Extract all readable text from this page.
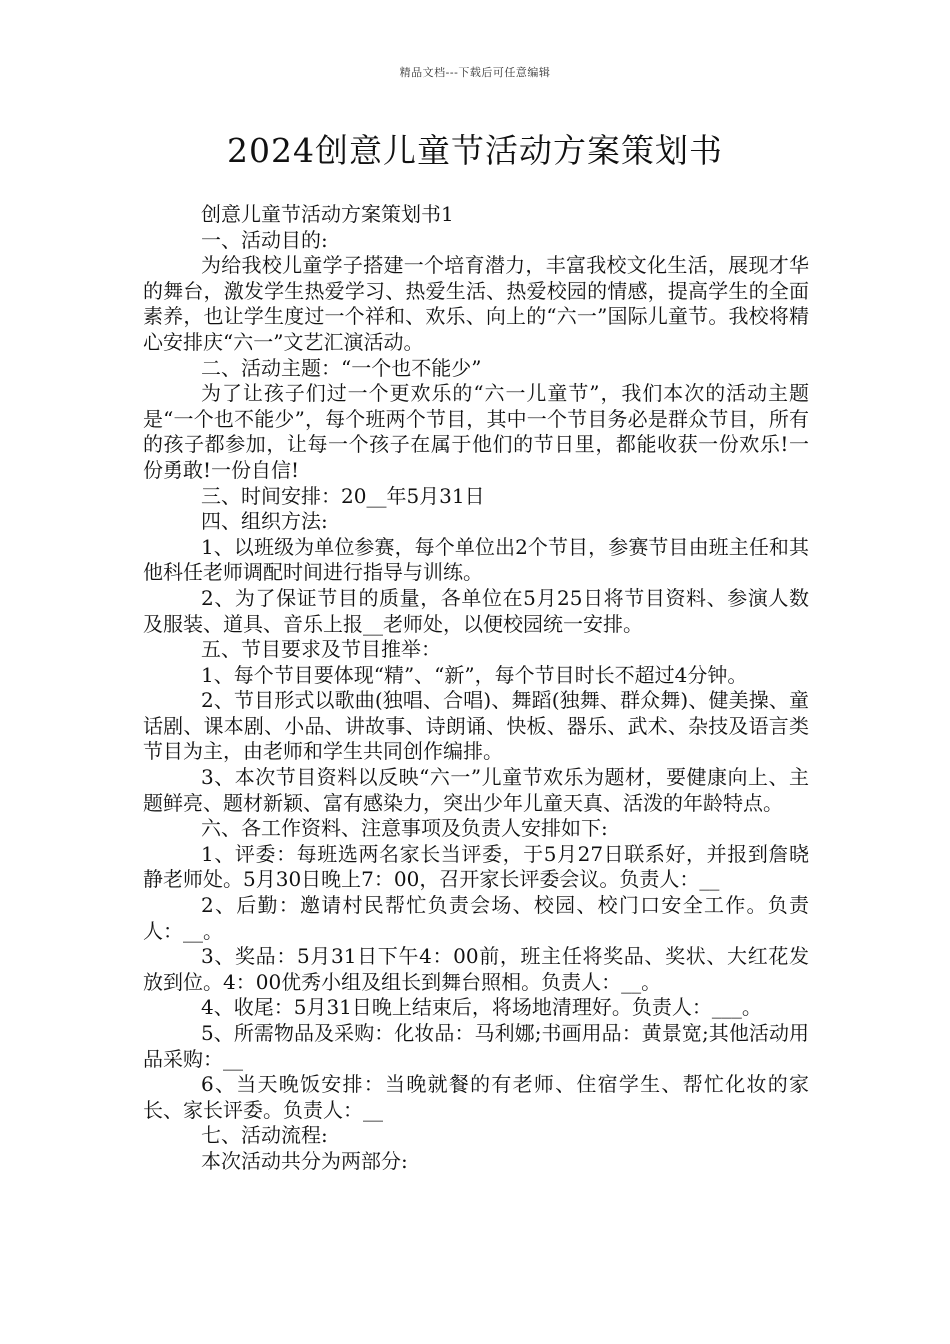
精品文档---下载后可任意编辑
2024创意儿童节活动方案策划书

创意儿童节活动方案策划书1

一、活动目的:

为给我校儿童学子搭建一个培育潜力，丰富我校文化生活，展现才华的舞台，激发学生热爱学习、热爱生活、热爱校园的情感，提高学生的全面素养，也让学生度过一个祥和、欢乐、向上的“六一”国际儿童节。我校将精心安排庆“六一”文艺汇演活动。

二、活动主题：“一个也不能少”

为了让孩子们过一个更欢乐的“六一儿童节”，我们本次的活动主题是“一个也不能少”，每个班两个节目，其中一个节目务必是群众节目，所有的孩子都参加，让每一个孩子在属于他们的节日里，都能收获一份欢乐!一份勇敢!一份自信!

三、时间安排：20__年5月31日

四、组织方法:

1、以班级为单位参赛，每个单位出2个节目，参赛节目由班主任和其他科任老师调配时间进行指导与训练。

2、为了保证节目的质量，各单位在5月25日将节目资料、参演人数及服装、道具、音乐上报__老师处，以便校园统一安排。

五、节目要求及节目推举：

1、每个节目要体现“精”、“新”，每个节目时长不超过4分钟。

2、节目形式以歌曲(独唱、合唱)、舞蹈(独舞、群众舞)、健美操、童话剧、课本剧、小品、讲故事、诗朗诵、快板、器乐、武术、杂技及语言类节目为主，由老师和学生共同创作编排。

3、本次节目资料以反映“六一”儿童节欢乐为题材，要健康向上、主题鲜亮、题材新颖、富有感染力，突出少年儿童天真、活泼的年龄特点。

六、各工作资料、注意事项及负责人安排如下:

1、评委：每班选两名家长当评委，于5月27日联系好，并报到詹晓静老师处。5月30日晚上7：00，召开家长评委会议。负责人：__

2、后勤：邀请村民帮忙负责会场、校园、校门口安全工作。负责人：__。

3、奖品：5月31日下午4：00前，班主任将奖品、奖状、大红花发放到位。4：00优秀小组及组长到舞台照相。负责人：__。

4、收尾：5月31日晚上结束后，将场地清理好。负责人：___。

5、所需物品及采购：化妆品：马利娜;书画用品：黄景宽;其他活动用品采购：__

6、当天晚饭安排：当晚就餐的有老师、住宿学生、帮忙化妆的家长、家长评委。负责人：__

七、活动流程:

本次活动共分为两部分:
